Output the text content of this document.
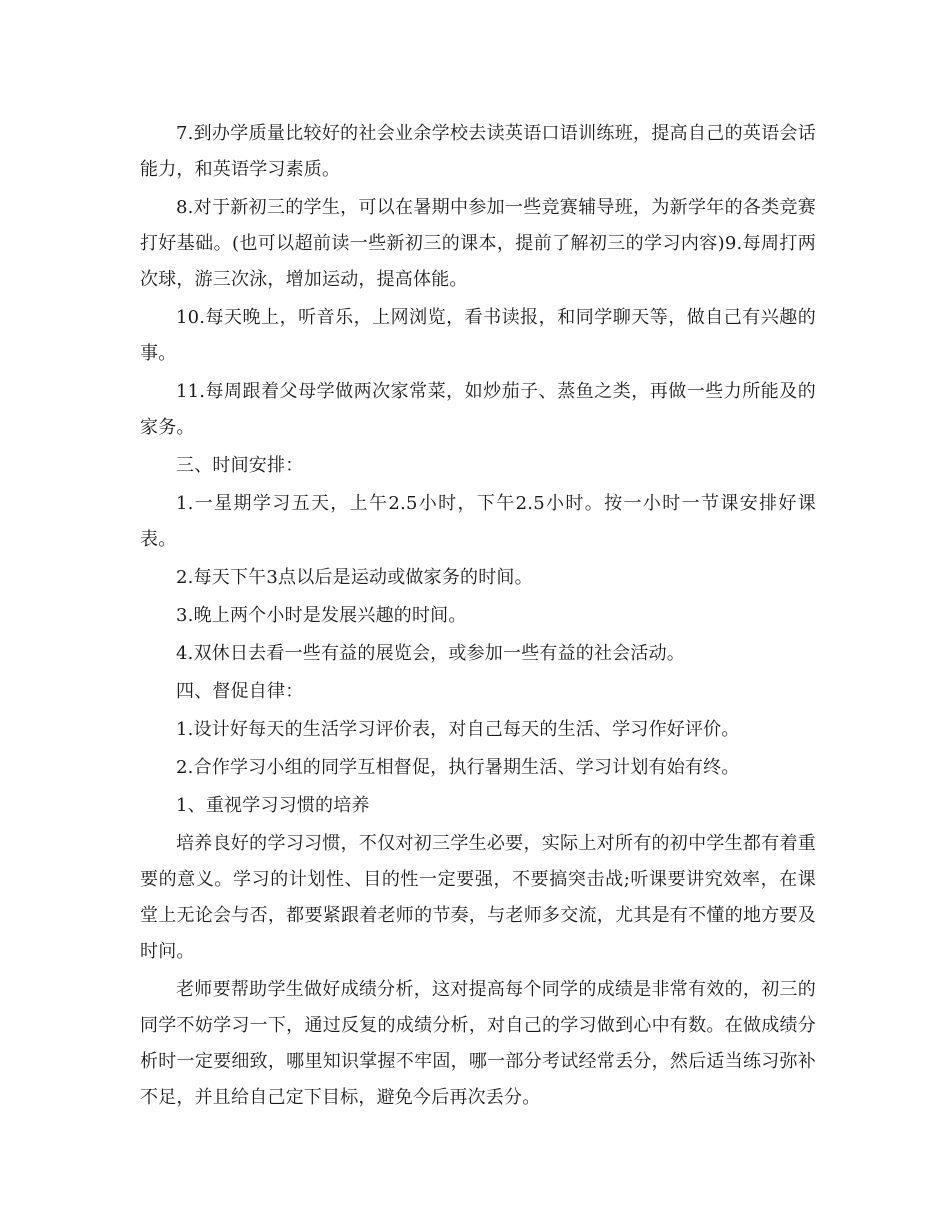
7.到办学质量比较好的社会业余学校去读英语口语训练班，提高自己的英语会话能力，和英语学习素质。

8.对于新初三的学生，可以在暑期中参加一些竞赛辅导班，为新学年的各类竞赛打好基础。(也可以超前读一些新初三的课本，提前了解初三的学习内容)9.每周打两次球，游三次泳，增加运动，提高体能。

10.每天晚上，听音乐，上网浏览，看书读报，和同学聊天等，做自己有兴趣的事。

11.每周跟着父母学做两次家常菜，如炒茄子、蒸鱼之类，再做一些力所能及的家务。

三、时间安排：

1.一星期学习五天，上午2.5小时，下午2.5小时。按一小时一节课安排好课表。

2.每天下午3点以后是运动或做家务的时间。

3.晚上两个小时是发展兴趣的时间。

4.双休日去看一些有益的展览会，或参加一些有益的社会活动。

四、督促自律：

1.设计好每天的生活学习评价表，对自己每天的生活、学习作好评价。

2.合作学习小组的同学互相督促，执行暑期生活、学习计划有始有终。

1、重视学习习惯的培养

培养良好的学习习惯，不仅对初三学生必要，实际上对所有的初中学生都有着重要的意义。学习的计划性、目的性一定要强，不要搞突击战;听课要讲究效率，在课堂上无论会与否，都要紧跟着老师的节奏，与老师多交流，尤其是有不懂的地方要及时问。

老师要帮助学生做好成绩分析，这对提高每个同学的成绩是非常有效的，初三的同学不妨学习一下，通过反复的成绩分析，对自己的学习做到心中有数。在做成绩分析时一定要细致，哪里知识掌握不牢固，哪一部分考试经常丢分，然后适当练习弥补不足，并且给自己定下目标，避免今后再次丢分。
